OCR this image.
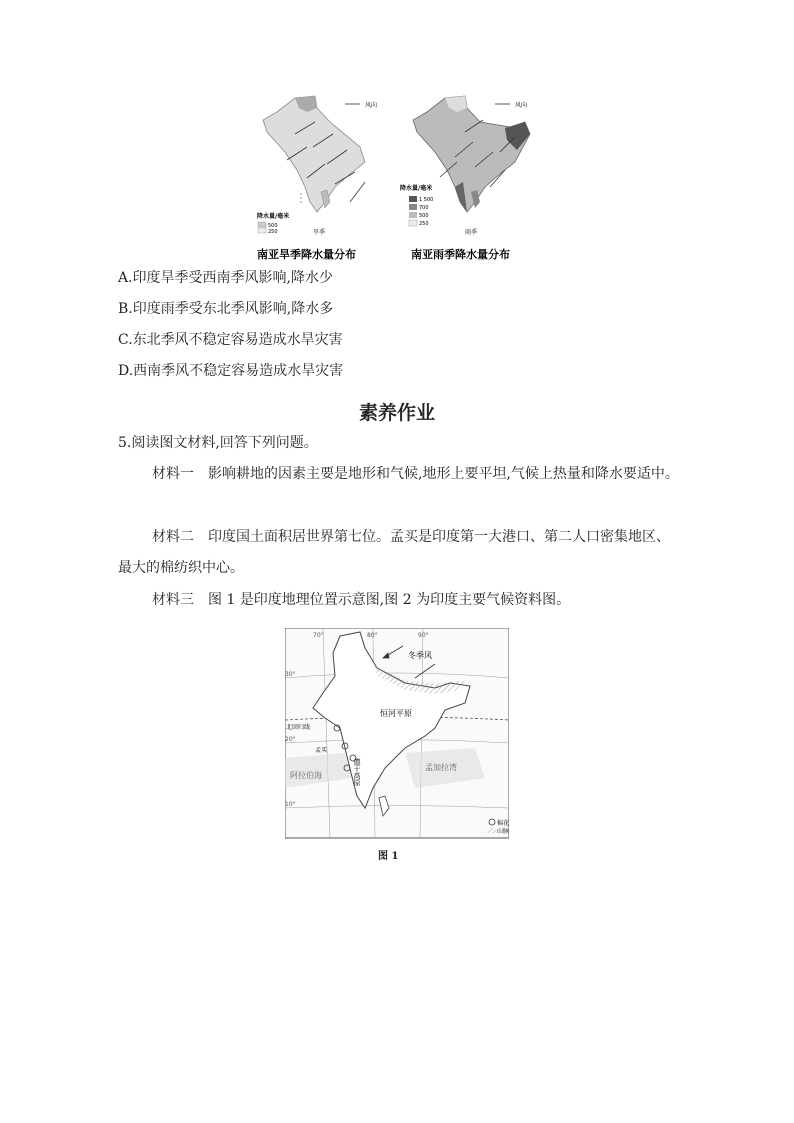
风向
降水量/毫米
500
250	旱季
风向
降水量/毫米
1 500
700
500
250
雨季
南亚旱季降水量分布	南亚雨季降水量分布
A.印度旱季受西南季风影响,降水少
B.印度雨季受东北季风影响,降水多
C.东北季风不稳定容易造成水旱灾害
D.西南季风不稳定容易造成水旱灾害
素养作业
5.阅读图文材料,回答下列问题。
材料一　影响耕地的因素主要是地形和气候,地形上要平坦,气候上热量和降水要适中。
材料二　印度国土面积居世界第七位。孟买是印度第一大港口、第二人口密集地区、最大的棉纺织中心。
材料三　图 1 是印度地理位置示意图,图 2 为印度主要气候资料图。
70°	80°	90°
30°
20°
10°
冬季风
恒河平原
北回归线
孟买
德干高原
阿拉伯海
孟加拉湾
棉花
山脉
图 1
